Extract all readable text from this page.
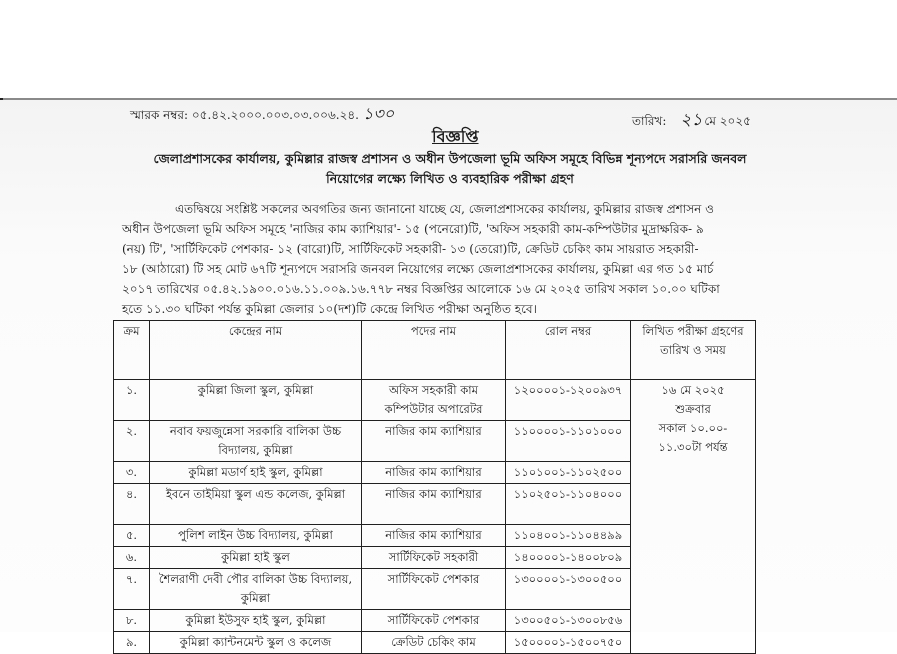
স্মারক নম্বর: ০৫.৪২.২০০০.০০৩.০৩.০০৬.২৪. ১৩০	তারিখ: ২১ মে ২০২৫
বিজ্ঞপ্তি
জেলাপ্রশাসকের কার্যালয়, কুমিল্লার রাজস্ব প্রশাসন ও অধীন উপজেলা ভূমি অফিস সমূহে বিভিন্ন শূন্যপদে সরাসরি জনবল
নিয়োগের লক্ষ্যে লিখিত ও ব্যবহারিক পরীক্ষা গ্রহণ
এতদ্বিষয়ে সংশ্লিষ্ট সকলের অবগতির জন্য জানানো যাচ্ছে যে, জেলাপ্রশাসকের কার্যালয়, কুমিল্লার রাজস্ব প্রশাসন ও
অধীন উপজেলা ভূমি অফিস সমূহে 'নাজির কাম ক্যাশিয়ার'- ১৫ (পনেরো)টি, 'অফিস সহকারী কাম-কম্পিউটার মুদ্রাক্ষরিক- ৯
(নয়) টি', 'সার্টিফিকেট পেশকার- ১২ (বারো)টি, সার্টিফিকেট সহকারী- ১৩ (তেরো)টি, ক্রেডিট চেকিং কাম সায়রাত সহকারী-
১৮ (আঠারো) টি সহ মোট ৬৭টি শূন্যপদে সরাসরি জনবল নিয়োগের লক্ষ্যে জেলাপ্রশাসকের কার্যালয়, কুমিল্লা এর গত ১৫ মার্চ
২০১৭ তারিখের ০৫.৪২.১৯০০.০১৬.১১.০০৯.১৬.৭৭৮ নম্বর বিজ্ঞপ্তির আলোকে ১৬ মে ২০২৫ তারিখ সকাল ১০.০০ ঘটিকা
হতে ১১.৩০ ঘটিকা পর্যন্ত কুমিল্লা জেলার ১০(দশ)টি কেন্দ্রে লিখিত পরীক্ষা অনুষ্ঠিত হবে।
ক্রম	কেন্দ্রের নাম	পদের নাম	রোল নম্বর	লিখিত পরীক্ষা গ্রহণের তারিখ ও সময়
১.	কুমিল্লা জিলা স্কুল, কুমিল্লা	অফিস সহকারী কাম কম্পিউটার অপারেটর	১২০০০০১-১২০০৯৩৭	১৬ মে ২০২৫
শুক্রবার
সকাল ১০.০০-
১১.৩০টা পর্যন্ত

২.	নবাব ফয়জুন্নেসা সরকারি বালিকা উচ্চ বিদ্যালয়, কুমিল্লা	নাজির কাম ক্যাশিয়ার	১১০০০০১-১১০১০০০	
৩.	কুমিল্লা মডার্ণ হাই স্কুল, কুমিল্লা	নাজির কাম ক্যাশিয়ার	১১০১০০১-১১০২৫০০	
৪.	ইবনে তাইমিয়া স্কুল এন্ড কলেজ, কুমিল্লা	নাজির কাম ক্যাশিয়ার	১১০২৫০১-১১০৪০০০	
৫.	পুলিশ লাইন উচ্চ বিদ্যালয়, কুমিল্লা	নাজির কাম ক্যাশিয়ার	১১০৪০০১-১১০৪৪৯৯	
৬.	কুমিল্লা হাই স্কুল	সার্টিফিকেট সহকারী	১৪০০০০১-১৪০০৮০৯	
৭.	শৈলরাণী দেবী পৌর বালিকা উচ্চ বিদ্যালয়, কুমিল্লা	সার্টিফিকেট পেশকার	১৩০০০০১-১৩০০৫০০	
৮.	কুমিল্লা ইউসুফ হাই স্কুল, কুমিল্লা	সার্টিফিকেট পেশকার	১৩০০৫০১-১৩০০৮৫৬	
৯.	কুমিল্লা ক্যান্টনমেন্ট স্কুল ও কলেজ	ক্রেডিট চেকিং কাম	১৫০০০০১-১৫০০৭৫০	
